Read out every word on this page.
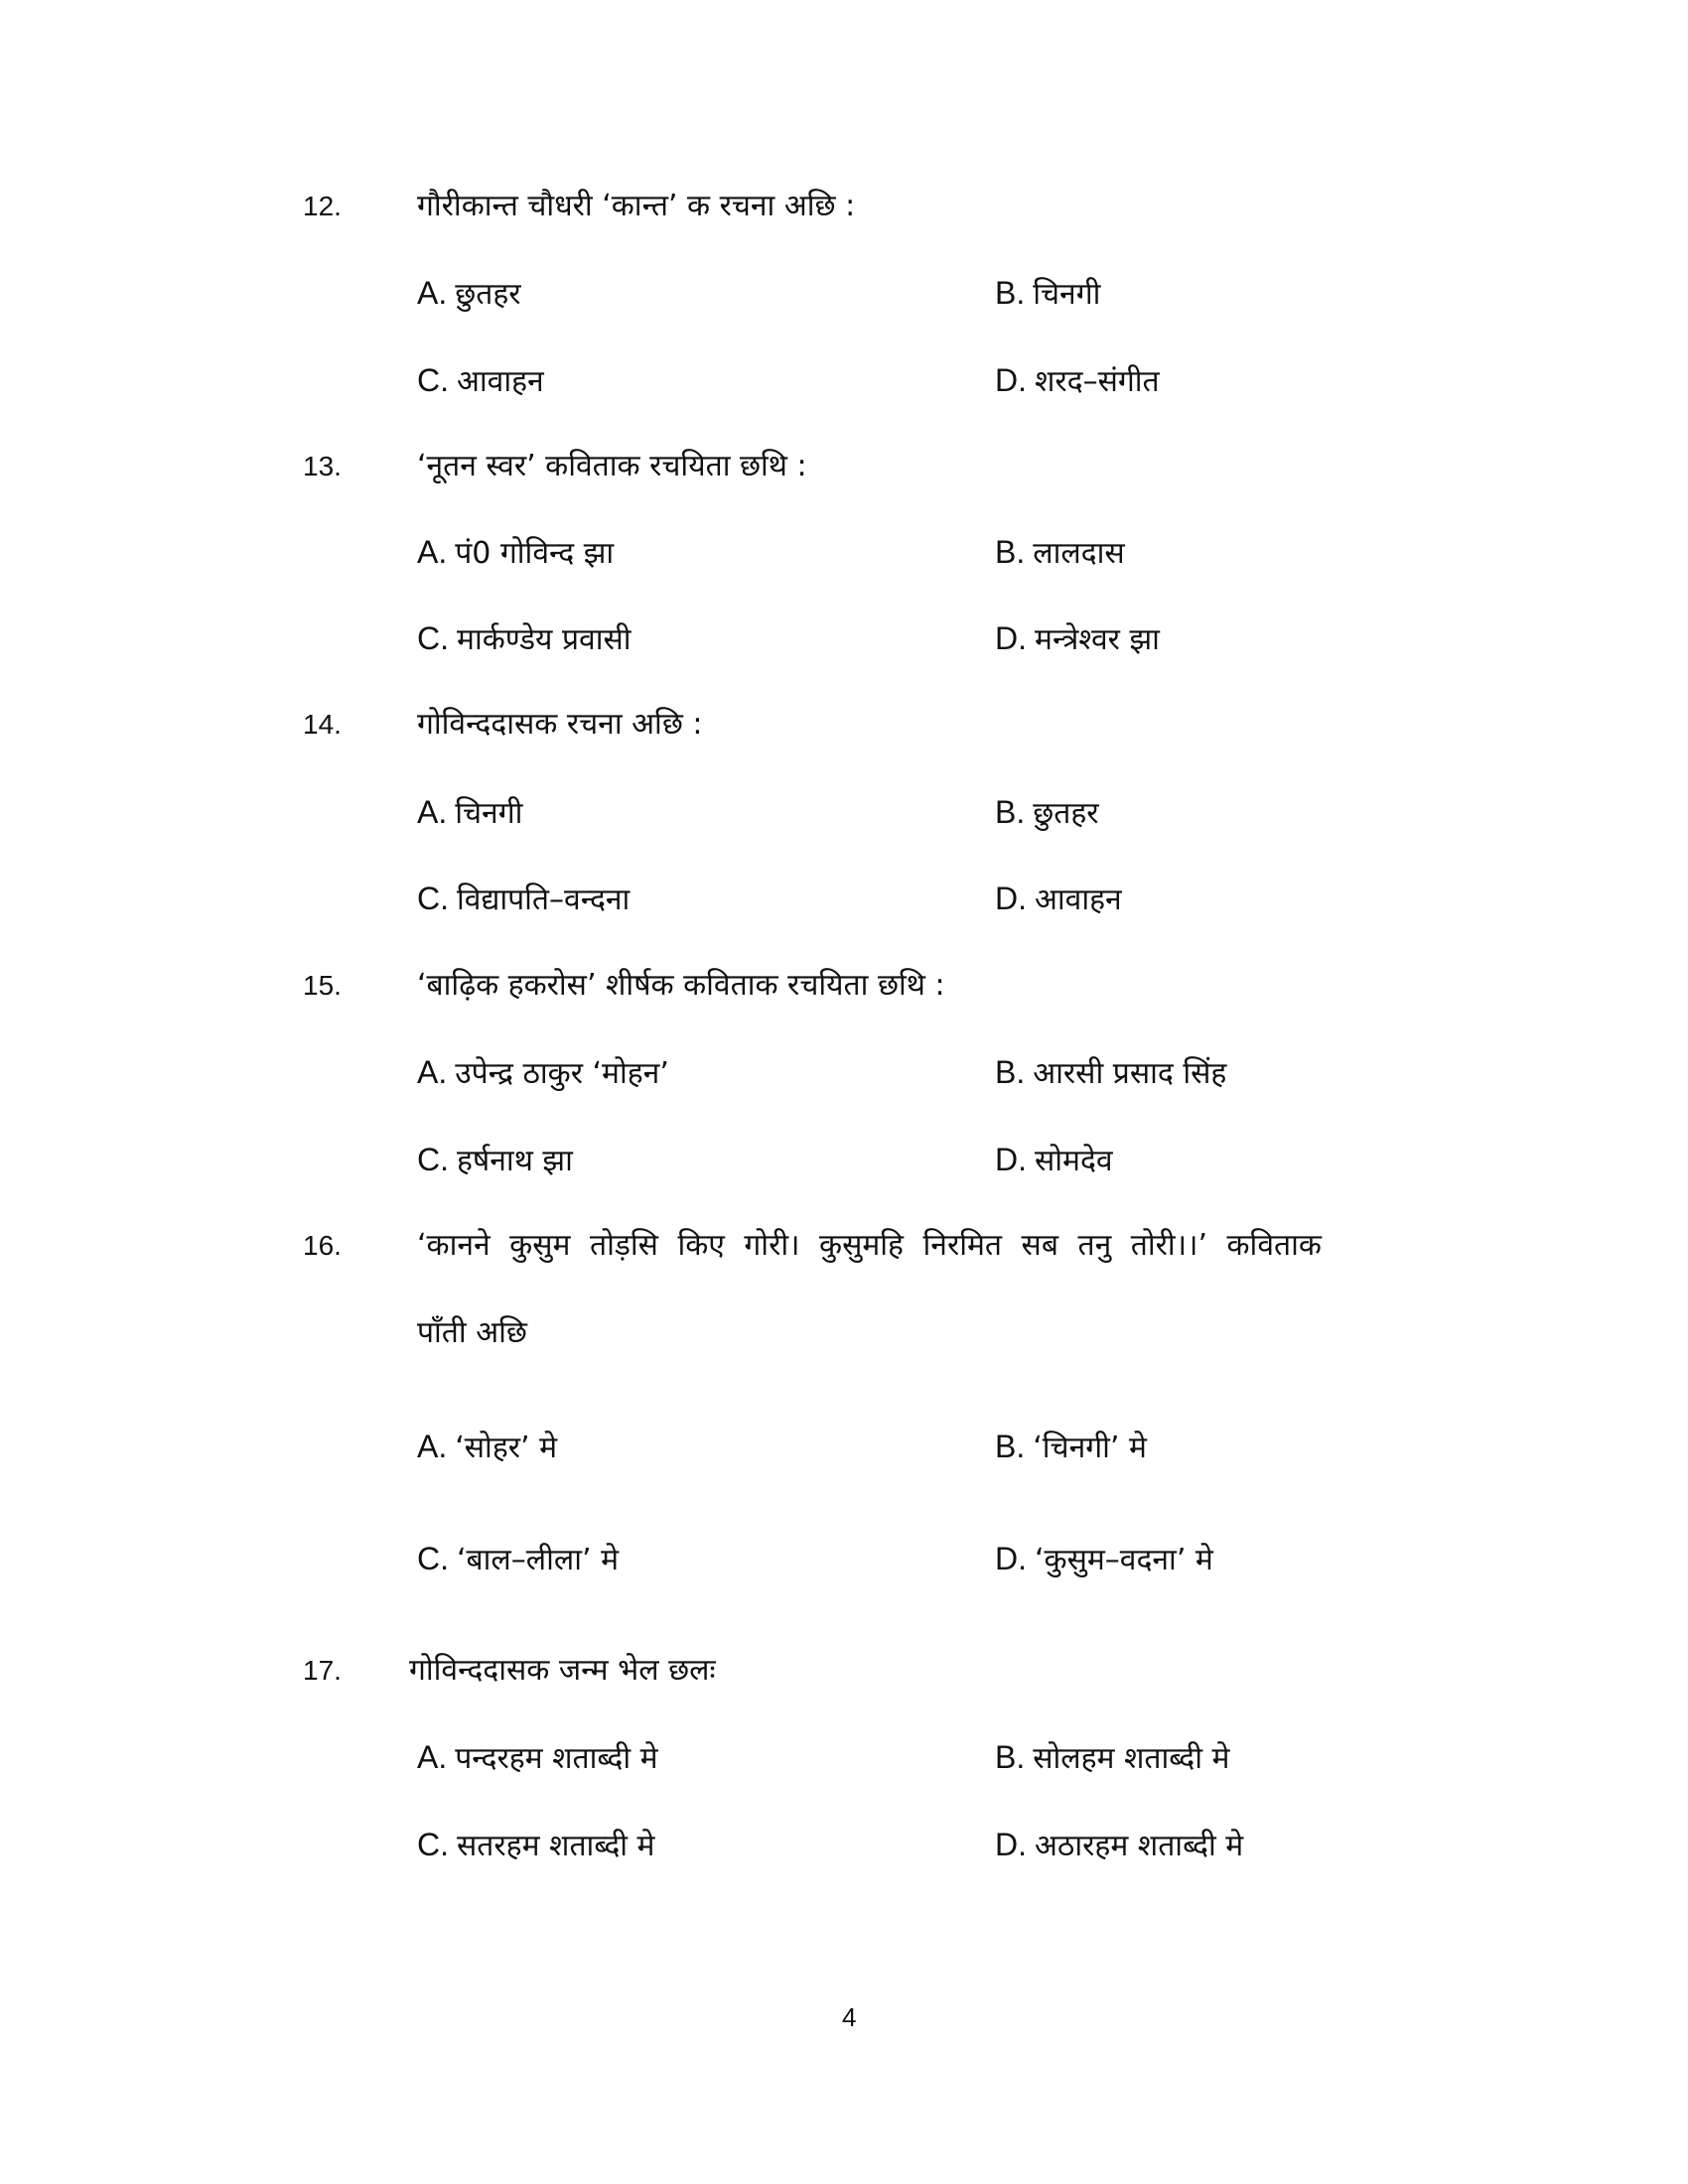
12.	गौरीकान्त चौधरी ‘कान्त’ क रचना अछि :
A. छुतहर	B. चिनगी
C. आवाहन	D. शरद–संगीत
13.	‘नूतन स्वर’ कविताक रचयिता छथि :
A. पं0 गोविन्द झा	B. लालदास
C. मार्कण्डेय प्रवासी	D. मन्त्रेश्वर झा
14.	गोविन्ददासक रचना अछि :
A. चिनगी	B. छुतहर
C. विद्यापति–वन्दना	D. आवाहन
15.	‘बाढ़िक हकरोस’ शीर्षक कविताक रचयिता छथि :
A. उपेन्द्र ठाकुर ‘मोहन’	B. आरसी प्रसाद सिंह
C. हर्षनाथ झा	D. सोमदेव
16.	‘कानने कुसुम तोड़सि किए गोरी। कुसुमहि निरमित सब तनु तोरी।।’ कविताक
पाँती अछि
A. ‘सोहर’ मे	B. ‘चिनगी’ मे
C. ‘बाल–लीला’ मे	D. ‘कुसुम–वदना’ मे
17. गोविन्ददासक जन्म भेल छलः
A. पन्दरहम शताब्दी मे	B. सोलहम शताब्दी मे
C. सतरहम शताब्दी मे	D. अठारहम शताब्दी मे
4
